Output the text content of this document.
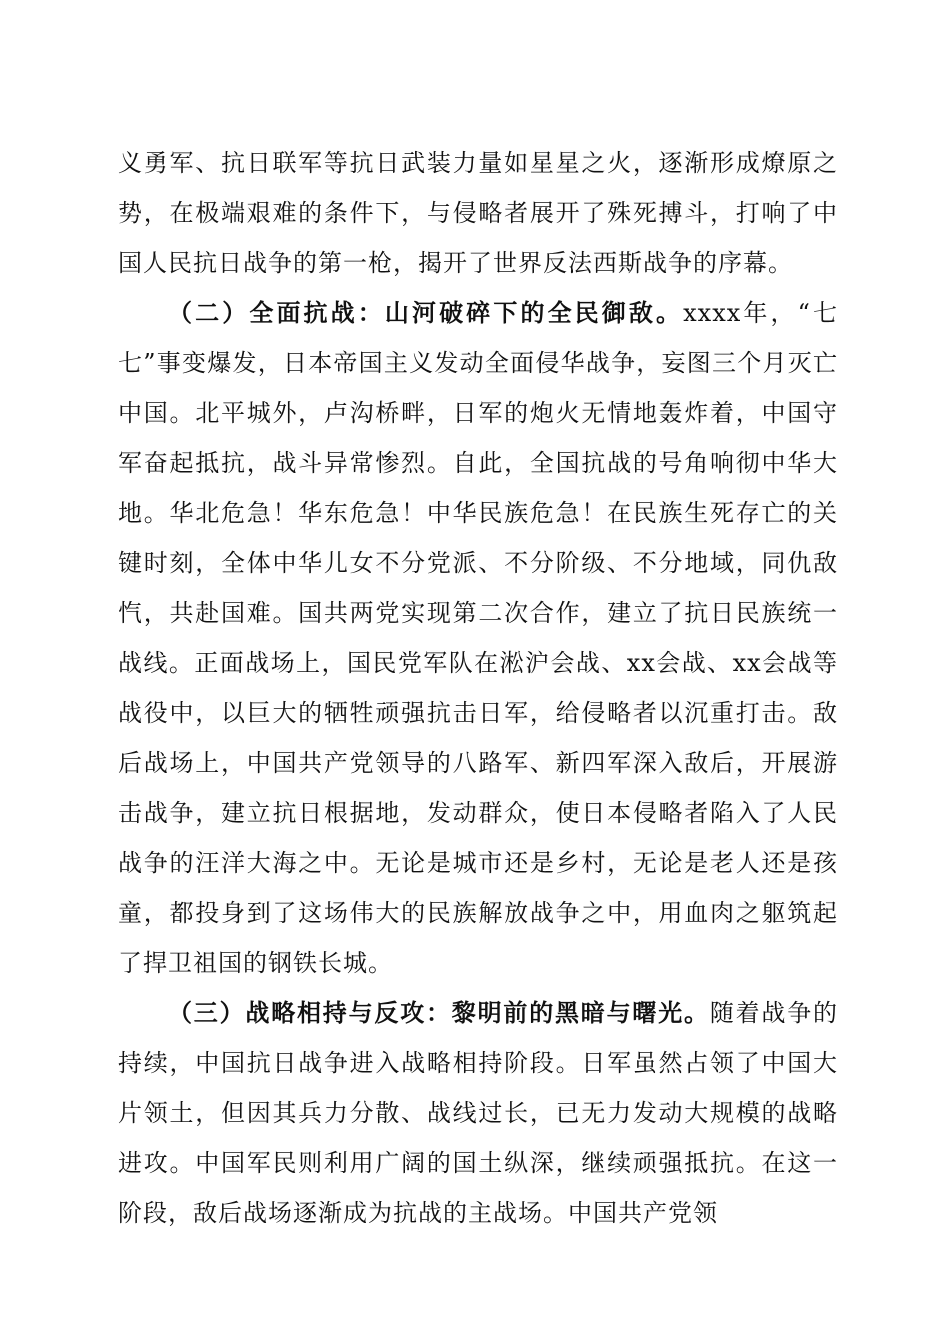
义勇军、抗日联军等抗日武装力量如星星之火，逐渐形成燎原之势，在极端艰难的条件下，与侵略者展开了殊死搏斗，打响了中国人民抗日战争的第一枪，揭开了世界反法西斯战争的序幕。

（二）全面抗战：山河破碎下的全民御敌。xxxx年，“七七”事变爆发，日本帝国主义发动全面侵华战争，妄图三个月灭亡中国。北平城外，卢沟桥畔，日军的炮火无情地轰炸着，中国守军奋起抵抗，战斗异常惨烈。自此，全国抗战的号角响彻中华大地。华北危急！华东危急！中华民族危急！在民族生死存亡的关键时刻，全体中华儿女不分党派、不分阶级、不分地域，同仇敌忾，共赴国难。国共两党实现第二次合作，建立了抗日民族统一战线。正面战场上，国民党军队在淞沪会战、xx会战、xx会战等战役中，以巨大的牺牲顽强抗击日军，给侵略者以沉重打击。敌后战场上，中国共产党领导的八路军、新四军深入敌后，开展游击战争，建立抗日根据地，发动群众，使日本侵略者陷入了人民战争的汪洋大海之中。无论是城市还是乡村，无论是老人还是孩童，都投身到了这场伟大的民族解放战争之中，用血肉之躯筑起了捍卫祖国的钢铁长城。

（三）战略相持与反攻：黎明前的黑暗与曙光。随着战争的持续，中国抗日战争进入战略相持阶段。日军虽然占领了中国大片领土，但因其兵力分散、战线过长，已无力发动大规模的战略进攻。中国军民则利用广阔的国土纵深，继续顽强抵抗。在这一阶段，敌后战场逐渐成为抗战的主战场。中国共产党领
